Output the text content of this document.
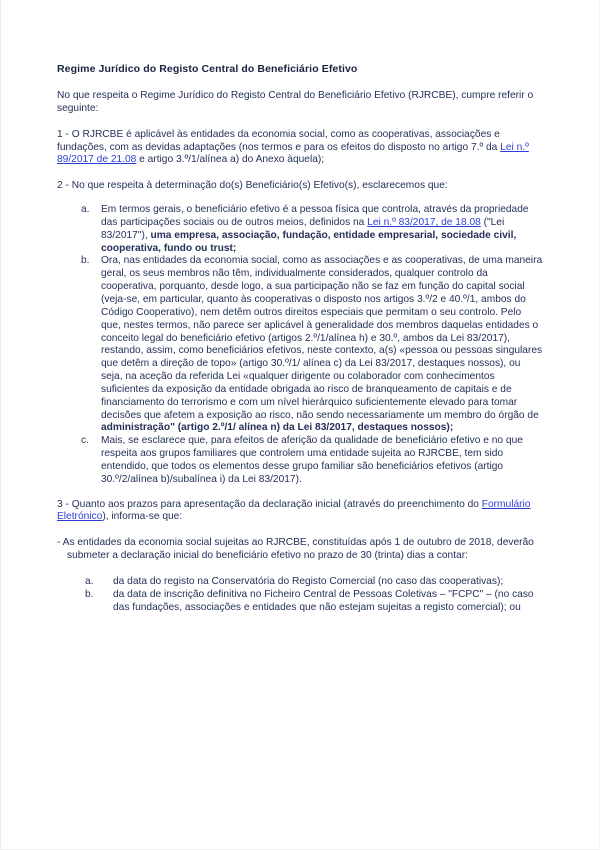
Regime Jurídico do Registo Central do Beneficiário Efetivo

No que respeita o Regime Jurídico do Registo Central do Beneficiário Efetivo (RJRCBE), cumpre referir o seguinte:

1 - O RJRCBE é aplicável às entidades da economia social, como as cooperativas, associações e fundações, com as devidas adaptações (nos termos e para os efeitos do disposto no artigo 7.º da Lei n.º 89/2017 de 21.08 e artigo 3.º/1/alínea a) do Anexo àquela);

2 - No que respeita à determinação do(s) Beneficiário(s) Efetivo(s), esclarecemos que:

a.	Em termos gerais, o beneficiário efetivo é a pessoa física que controla, através da propriedade das participações sociais ou de outros meios, definidos na Lei n.º 83/2017, de 18.08 ("Lei 83/2017"), uma empresa, associação, fundação, entidade empresarial, sociedade civil, cooperativa, fundo ou trust;
b.	Ora, nas entidades da economia social, como as associações e as cooperativas, de uma maneira geral, os seus membros não têm, individualmente considerados, qualquer controlo da cooperativa, porquanto, desde logo, a sua participação não se faz em função do capital social (veja-se, em particular, quanto às cooperativas o disposto nos artigos 3.º/2 e 40.º/1, ambos do Código Cooperativo), nem detêm outros direitos especiais que permitam o seu controlo. Pelo que, nestes termos, não parece ser aplicável à generalidade dos membros daquelas entidades o conceito legal do beneficiário efetivo (artigos 2.º/1/alínea h) e 30.º, ambos da Lei 83/2017), restando, assim, como beneficiários efetivos, neste contexto, a(s) «pessoa ou pessoas singulares que detêm a direção de topo» (artigo 30.º/1/ alínea c) da Lei 83/2017, destaques nossos), ou seja, na aceção da referida Lei «qualquer dirigente ou colaborador com conhecimentos suficientes da exposição da entidade obrigada ao risco de branqueamento de capitais e de financiamento do terrorismo e com um nível hierárquico suficientemente elevado para tomar decisões que afetem a exposição ao risco, não sendo necessariamente um membro do órgão de administração" (artigo 2.º/1/ alínea n) da Lei 83/2017, destaques nossos);
c.	Mais, se esclarece que, para efeitos de aferição da qualidade de beneficiário efetivo e no que respeita aos grupos familiares que controlem uma entidade sujeita ao RJRCBE, tem sido entendido, que todos os elementos desse grupo familiar são beneficiários efetivos (artigo 30.º/2/alínea b)/subalínea i) da Lei 83/2017).

3 - Quanto aos prazos para apresentação da declaração inicial (através do preenchimento do Formulário Eletrónico), informa-se que:

- As entidades da economia social sujeitas ao RJRCBE, constituídas após 1 de outubro de 2018, deverão submeter a declaração inicial do beneficiário efetivo no prazo de 30 (trinta) dias a contar:

a.	da data do registo na Conservatória do Registo Comercial (no caso das cooperativas);
b.	da data de inscrição definitiva no Ficheiro Central de Pessoas Coletivas – "FCPC" – (no caso das fundações, associações e entidades que não estejam sujeitas a registo comercial); ou
